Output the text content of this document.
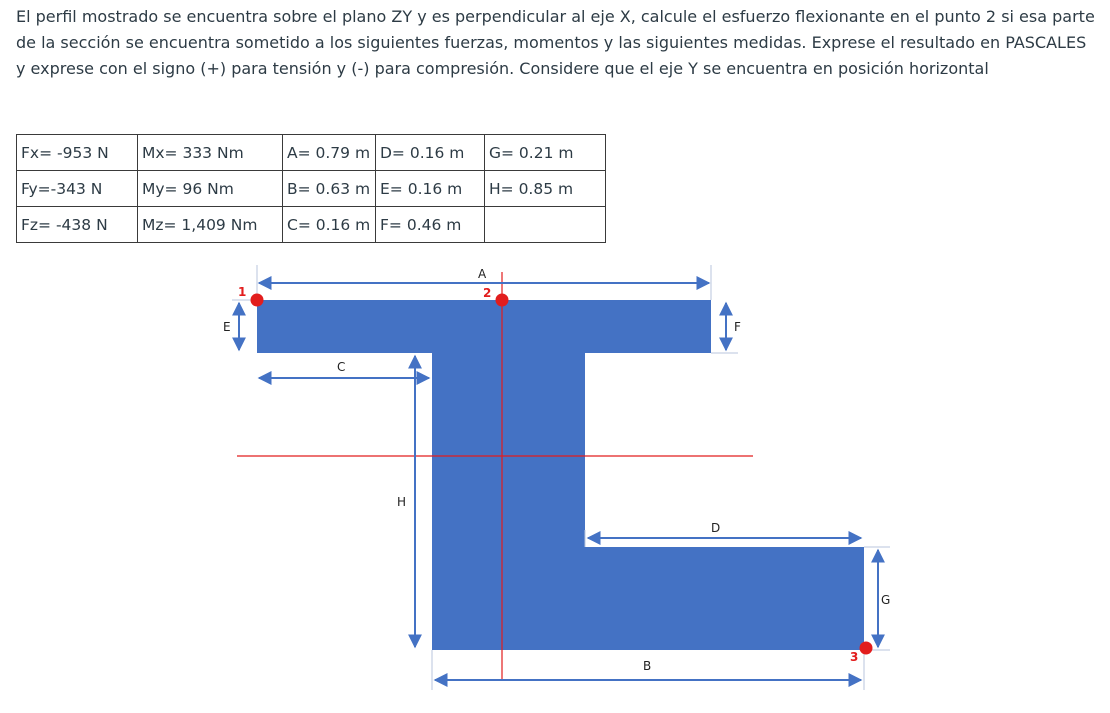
El perfil mostrado se encuentra sobre el plano ZY y es perpendicular al eje X, calcule el esfuerzo flexionante en el punto 2 si esa parte de la sección se encuentra sometido a los siguientes fuerzas, momentos y las siguientes medidas. Exprese el resultado en PASCALES y exprese con el signo (+) para tensión y (-) para compresión. Considere que el eje Y se encuentra en posición horizontal

Fx= -953 N	Mx= 333 Nm	A= 0.79 m	D= 0.16 m	G= 0.21 m
Fy=-343 N	My= 96 Nm	B= 0.63 m	E= 0.16 m	H= 0.85 m
Fz= -438 N	Mz= 1,409 Nm	C= 0.16 m	F= 0.46 m	
A
E	F
C
H
D
G
B
1	2
3
